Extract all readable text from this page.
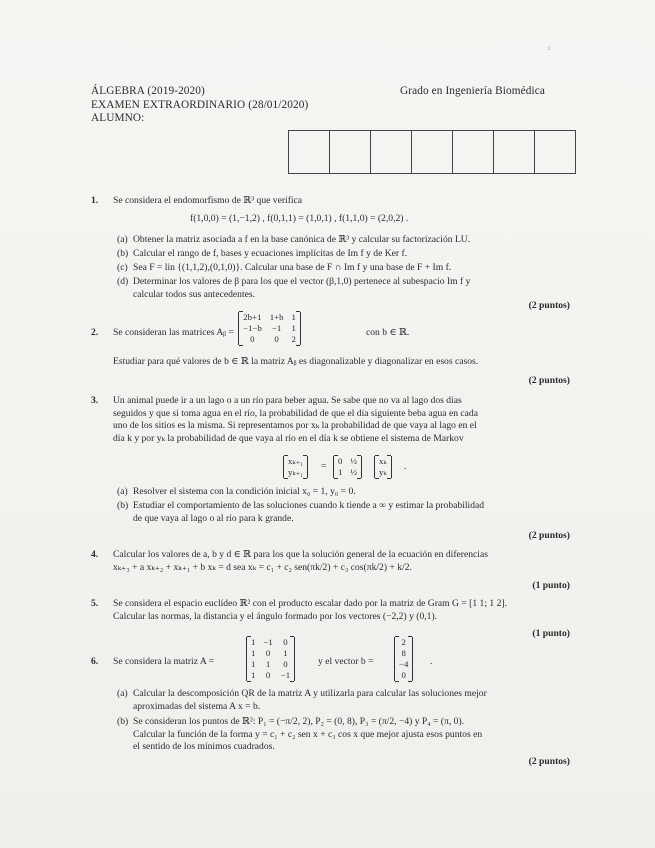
c
ÁLGEBRA (2019-2020)
EXAMEN EXTRAORDINARIO (28/01/2020)
ALUMNO:
Grado en Ingeniería Biomédica
1. Se considera el endomorfismo de ℝ³ que verifica
f(1,0,0) = (1,−1,2) , f(0,1,1) = (1,0,1) , f(1,1,0) = (2,0,2) .
(a) Obtener la matriz asociada a f en la base canónica de ℝ³ y calcular su factorización LU.
(b) Calcular el rango de f, bases y ecuaciones implícitas de Im f y de Ker f.
(c) Sea F = lin {(1,1,2),(0,1,0)}. Calcular una base de F ∩ Im f y una base de F + Im f.
(d) Determinar los valores de β para los que el vector (β,1,0) pertenece al subespacio Im f y
calcular todos sus antecedentes.
(2 puntos)
2. Se consideran las matrices Aᵦ =
2b+1	1+b	1
−1−b	−1	1
0	0	2
con b ∈ ℝ.
Estudiar para qué valores de b ∈ ℝ la matriz Aᵦ es diagonalizable y diagonalizar en esos casos.
(2 puntos)
3. Un animal puede ir a un lago o a un río para beber agua. Se sabe que no va al lago dos días
seguidos y que si toma agua en el río, la probabilidad de que el día siguiente beba agua en cada
uno de los sitios es la misma. Si representamos por xₖ la probabilidad de que vaya al lago en el
día k y por yₖ la probabilidad de que vaya al río en el día k se obtiene el sistema de Markov
xₖ₊₁
yₖ₊₁ = 0	½
1	½
xₖ
yₖ .
(a) Resolver el sistema con la condición inicial x₀ = 1, y₀ = 0.
(b) Estudiar el comportamiento de las soluciones cuando k tiende a ∞ y estimar la probabilidad
de que vaya al lago o al río para k grande.
(2 puntos)
4. Calcular los valores de a, b y d ∈ ℝ para los que la solución general de la ecuación en diferencias
xₖ₊₃ + a xₖ₊₂ + xₖ₊₁ + b xₖ = d sea xₖ = c₁ + c₂ sen(πk/2) + c₃ cos(πk/2) + k/2.
(1 punto)
5. Se considera el espacio euclídeo ℝ² con el producto escalar dado por la matriz de Gram G = [1 1; 1 2].
Calcular las normas, la distancia y el ángulo formado por los vectores (−2,2) y (0,1).
(1 punto)
6. Se considera la matriz A =
1	−1	0
1	0	1
1	1	0
1	0	−1
y el vector b =
2
8
−4
0
.
(a) Calcular la descomposición QR de la matriz A y utilizarla para calcular las soluciones mejor
aproximadas del sistema A x = b.
(b) Se consideran los puntos de ℝ²: P₁ = (−π/2, 2), P₂ = (0, 8), P₃ = (π/2, −4) y P₄ = (π, 0).
Calcular la función de la forma y = c₁ + c₂ sen x + c₃ cos x que mejor ajusta esos puntos en
el sentido de los mínimos cuadrados.
(2 puntos)
